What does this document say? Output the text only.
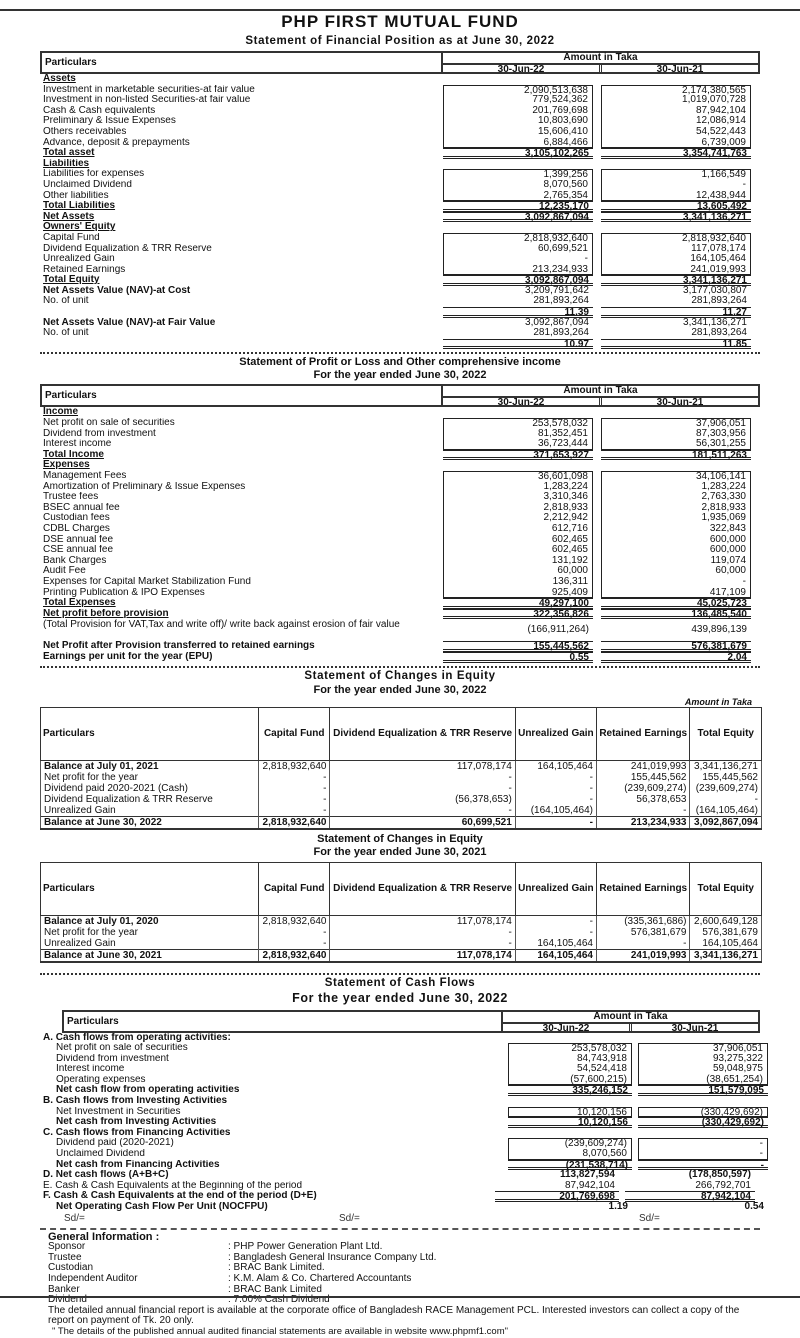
PHP FIRST MUTUAL FUND
Statement of Financial Position as at June 30, 2022
Particulars	Amount in Taka
30-Jun-22	30-Jun-21
Assets
Investment in marketable securities-at fair value	2,090,513,638	2,174,380,565
Investment in non-listed Securities-at fair value	779,524,362	1,019,070,728
Cash & Cash equivalents	201,769,698	87,942,104
Preliminary & Issue Expenses	10,803,690	12,086,914
Others receivables	15,606,410	54,522,443
Advance, deposit & prepayments	6,884,466	6,739,009
Total asset	3,105,102,265	3,354,741,763
Liabilities
Liabilities for expenses	1,399,256	1,166,549
Unclaimed Dividend	8,070,560	-
Other liabilities	2,765,354	12,438,944
Total Liabilities	12,235,170	13,605,492
Net Assets	3,092,867,094	3,341,136,271
Owners' Equity
Capital Fund	2,818,932,640	2,818,932,640
Dividend Equalization & TRR Reserve	60,699,521	117,078,174
Unrealized Gain	-	164,105,464
Retained Earnings	213,234,933	241,019,993
Total Equity	3,092,867,094	3,341,136,271
Net Assets Value (NAV)-at Cost	3,209,791,642	3,177,030,807
No. of unit	281,893,264	281,893,264
11.39	11.27
Net Assets Value (NAV)-at Fair Value	3,092,867,094	3,341,136,271
No. of unit	281,893,264	281,893,264
10.97	11.85
Statement of Profit or Loss and Other comprehensive income
For the year ended June 30, 2022
Particulars	Amount in Taka
30-Jun-22	30-Jun-21
Income
Net profit on sale of securities	253,578,032	37,906,051
Dividend from investment	81,352,451	87,303,956
Interest income	36,723,444	56,301,255
Total Income	371,653,927	181,511,263
Expenses
Management Fees	36,601,098	34,106,141
Amortization of Preliminary & Issue Expenses	1,283,224	1,283,224
Trustee fees	3,310,346	2,763,330
BSEC annual fee	2,818,933	2,818,933
Custodian fees	2,212,942	1,935,069
CDBL Charges	612,716	322,843
DSE annual fee	602,465	600,000
CSE annual fee	602,465	600,000
Bank Charges	131,192	119,074
Audit Fee	60,000	60,000
Expenses for Capital Market Stabilization Fund	136,311	-
Printing Publication & IPO Expenses	925,409	417,109
Total Expenses	49,297,100	45,025,723
Net profit before provision	322,356,826	136,485,540
(Total Provision for VAT,Tax and write off)/ write back against erosion of fair value	(166,911,264)	439,896,139
Net Profit after Provision transferred to retained earnings	155,445,562	576,381,679
Earnings per unit for the year (EPU)	0.55	2.04
Statement of Changes in Equity
For the year ended June 30, 2022
Amount in Taka
Particulars	Capital Fund	Dividend Equalization & TRR Reserve	Unrealized Gain	Retained Earnings	Total Equity
Balance at July 01, 2021	2,818,932,640	117,078,174	164,105,464	241,019,993	3,341,136,271
Net profit for the year	-	-	-	155,445,562	155,445,562
Dividend paid 2020-2021 (Cash)	-	-	-	(239,609,274)	(239,609,274)
Dividend Equalization & TRR Reserve	-	(56,378,653)	-	56,378,653	-
Unrealized Gain	-	-	(164,105,464)	-	(164,105,464)
Balance at June 30, 2022	2,818,932,640	60,699,521	-	213,234,933	3,092,867,094
Statement of Changes in Equity
For the year ended June 30, 2021
Particulars	Capital Fund	Dividend Equalization & TRR Reserve	Unrealized Gain	Retained Earnings	Total Equity
Balance at July 01, 2020	2,818,932,640	117,078,174	-	(335,361,686)	2,600,649,128
Net profit for the year	-	-	-	576,381,679	576,381,679
Unrealized Gain	-	-	164,105,464	-	164,105,464
Balance at June 30, 2021	2,818,932,640	117,078,174	164,105,464	241,019,993	3,341,136,271
Statement of Cash Flows
For the year ended June 30, 2022
Particulars	Amount in Taka
30-Jun-22	30-Jun-21
A. Cash flows from operating activities:
Net profit on sale of securities	253,578,032	37,906,051
Dividend from investment	84,743,918	93,275,322
Interest income	54,524,418	59,048,975
Operating expenses	(57,600,215)	(38,651,254)
Net cash flow from operating activities	335,246,152	151,579,095
B. Cash flows from Investing Activities
Net Investment in Securities	10,120,156	(330,429,692)
Net cash from Investing Activities	10,120,156	(330,429,692)
C. Cash flows from Financing Activities
Dividend paid (2020-2021)	(239,609,274)	-
Unclaimed Dividend	8,070,560	-
Net cash from Financing Activities	(231,538,714)	-
D. Net cash flows (A+B+C)	113,827,594	(178,850,597)
E. Cash & Cash Equivalents at the Beginning of the period	87,942,104	266,792,701
F. Cash & Cash Equivalents at the end of the period (D+E)	201,769,698	87,942,104
Net Operating Cash Flow Per Unit (NOCFPU)	1.19	0.54
Sd/=	Sd/=	Sd/=
General Information :
Sponsor	: PHP Power Generation Plant Ltd.
Trustee	: Bangladesh General Insurance Company Ltd.
Custodian	: BRAC Bank Limited.
Independent Auditor	: K.M. Alam & Co. Chartered Accountants
Banker	: BRAC Bank Limited
Dividend	: 7.00% Cash Dividend
The detailed annual financial report is available at the corporate office of Bangladesh RACE Management PCL. Interested investors can collect a copy of the report on payment of Tk. 20 only.
" The details of the published annual audited financial statements are available in website www.phpmf1.com"
